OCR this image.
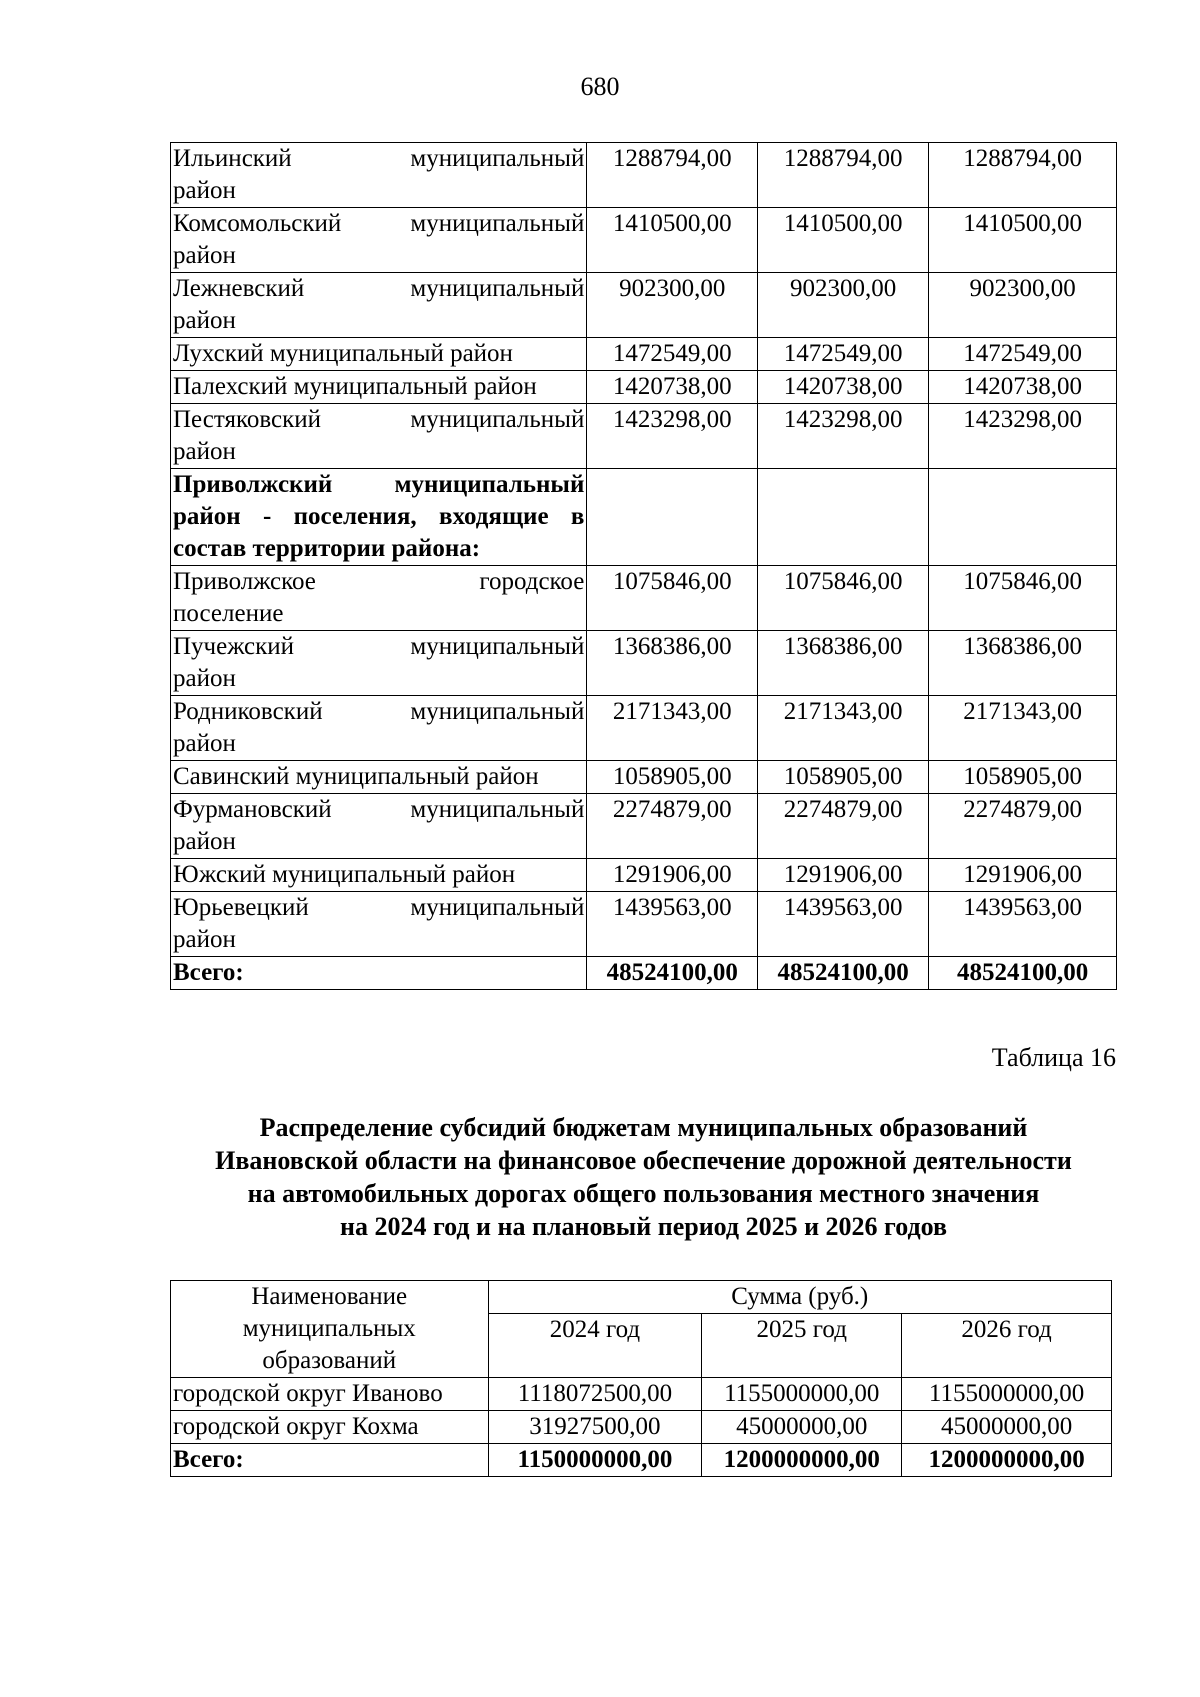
680
Ильинский муниципальный
район	1288794,00	1288794,00	1288794,00

Комсомольский муниципальный
район	1410500,00	1410500,00	1410500,00

Лежневский муниципальный
район	902300,00	902300,00	902300,00
Лухский муниципальный район	1472549,00	1472549,00	1472549,00
Палехский муниципальный район	1420738,00	1420738,00	1420738,00

Пестяковский муниципальный
район	1423298,00	1423298,00	1423298,00
Приволжский муниципальный район - поселения, входящие в состав территории района:			

Приволжское городское
поселение	1075846,00	1075846,00	1075846,00

Пучежский муниципальный
район	1368386,00	1368386,00	1368386,00

Родниковский муниципальный
район	2171343,00	2171343,00	2171343,00
Савинский муниципальный район	1058905,00	1058905,00	1058905,00

Фурмановский муниципальный
район	2274879,00	2274879,00	2274879,00
Южский муниципальный район	1291906,00	1291906,00	1291906,00

Юрьевецкий муниципальный
район	1439563,00	1439563,00	1439563,00
Всего:	48524100,00	48524100,00	48524100,00
Таблица 16
Распределение субсидий бюджетам муниципальных образований
Ивановской области на финансовое обеспечение дорожной деятельности
на автомобильных дорогах общего пользования местного значения
на 2024 год и на плановый период 2025 и 2026 годов
Наименование муниципальных образований	Сумма (руб.)		
	2024 год	2025 год	2026 год
городской округ Иваново	1118072500,00	1155000000,00	1155000000,00
городской округ Кохма	31927500,00	45000000,00	45000000,00
Всего:	1150000000,00	1200000000,00	1200000000,00
